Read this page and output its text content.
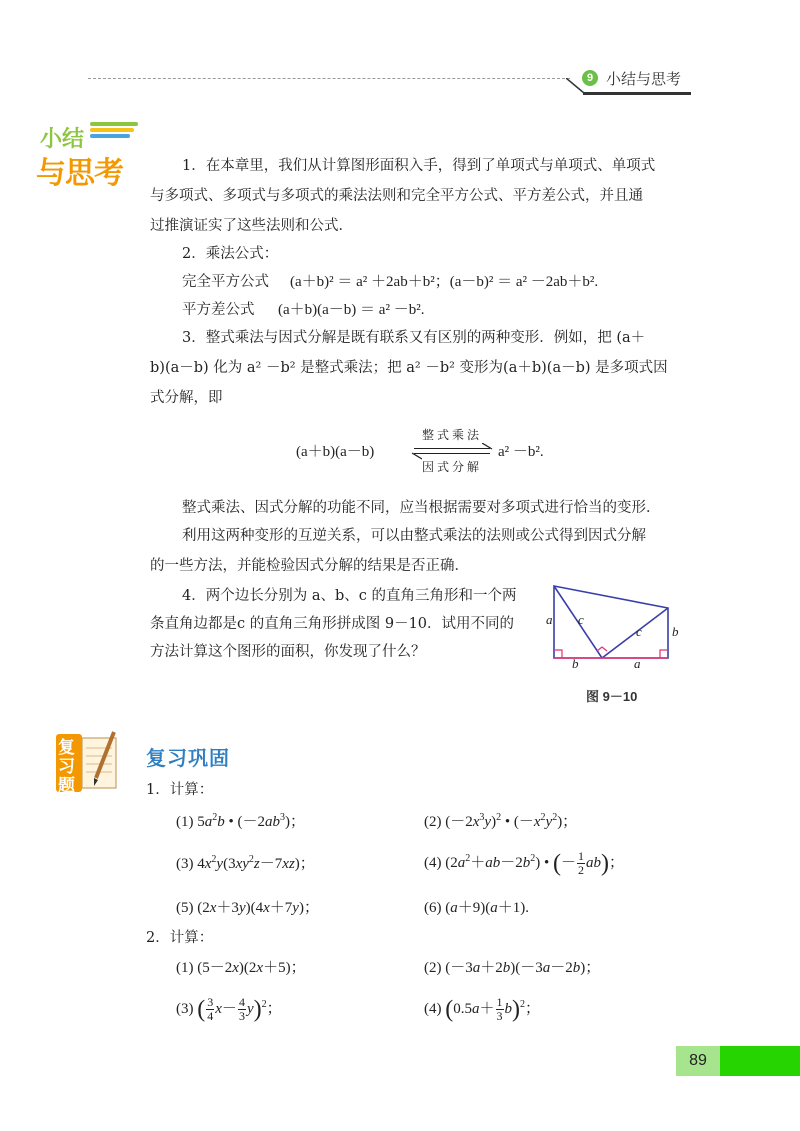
9 小结与思考
小结
与思考	1．在本章里，我们从计算图形面积入手，得到了单项式与单项式、单项式
与多项式、多项式与多项式的乘法法则和完全平方公式、平方差公式，并且通
过推演证实了这些法则和公式．
2．乘法公式：
完全平方公式 (a＋b)² ＝ a² ＋2ab＋b²；(a－b)² ＝ a² －2ab＋b².
平方差公式 (a＋b)(a－b) ＝ a² －b².
3．整式乘法与因式分解是既有联系又有区别的两种变形．例如，把 (a＋
b)(a－b) 化为 a² －b² 是整式乘法；把 a² －b² 变形为(a＋b)(a－b) 是多项式因
式分解，即
(a＋b)(a－b)
整式乘法
因式分解
a² －b².
整式乘法、因式分解的功能不同，应当根据需要对多项式进行恰当的变形．
利用这两种变形的互逆关系，可以由整式乘法的法则或公式得到因式分解
的一些方法，并能检验因式分解的结果是否正确．
4．两个边长分别为 a、b、c 的直角三角形和一个两
条直角边都是c 的直角三角形拼成图 9－10．试用不同的
方法计算这个图形的面积，你发现了什么？
a c
c b
b	a
图 9－10
复习题
复习巩固
1．计算：
(1) $5a^2b$ • $(-2ab^3)$；	(2) $(-2x^3y)^2$ • $(-x^2y^2)$；
(3) $4x^2y(3xy^2z-7xz)$；	(4) $(2a^2+ab-2b^2)$ • (－ $\frac{1}{2} ab$)；
(5) (2x＋3y)(4x＋7y)；	(6) (a＋9)(a＋1).
2．计算：
(1) (5－2x)(2x＋5)；	(2) (－3a＋2b)(－3a－2b)；
(3) ( $\frac{3}{4} x- \frac{4}{3} y)^2$；	(4) $(0.5a+ \frac{1}{3} b)^2$；
89
